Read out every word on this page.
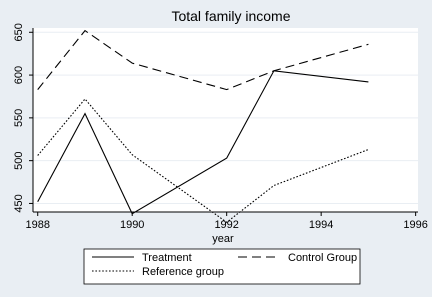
Total family income
450
500
550
600
650
1988	1990	1992	1994	1996
year
Treatment	Control Group
Reference group
